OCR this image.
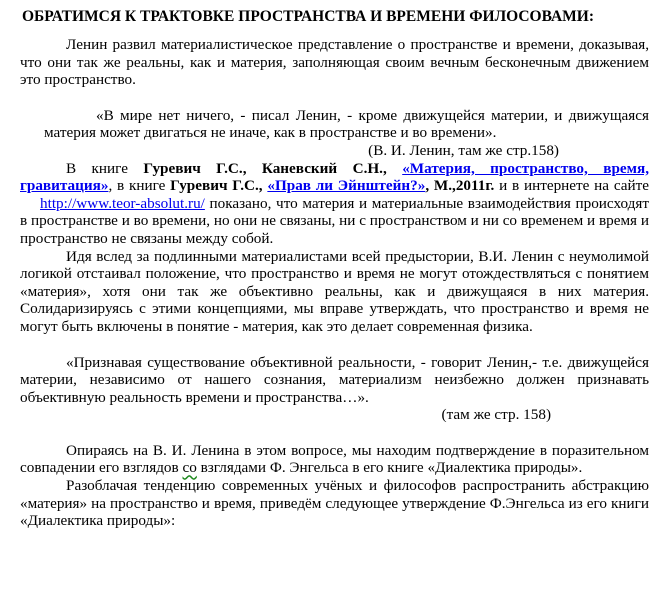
ОБРАТИМСЯ К ТРАКТОВКЕ ПРОСТРАНСТВА И ВРЕМЕНИ ФИЛОСОВАМИ:

Ленин развил материалистическое представление о пространстве и времени, доказывая, что они так же реальны, как и материя, заполняющая своим вечным бесконечным движением это пространство.

«В мире нет ничего, - писал Ленин, - кроме движущейся материи, и движущаяся материя может двигаться не иначе, как в пространстве и во времени».

(В. И. Ленин, там же стр.158)

В книге Гуревич Г.С., Каневский С.Н., «Материя, пространство, время, гравитация», в книге Гуревич Г.С., «Прав ли Эйнштейн?», М.,2011г. и в интернете на сайте http://www.teor-absolut.ru/ показано, что материя и материальные взаимодействия происходят в пространстве и во времени, но они не связаны, ни с пространством и ни со временем и время и пространство не связаны между собой.

Идя вслед за подлинными материалистами всей предыстории, В.И. Ленин с неумолимой логикой отстаивал положение, что пространство и время не могут отождествляться с понятием «материя», хотя они так же объективно реальны, как и движущаяся в них материя. Солидаризируясь с этими концепциями, мы вправе утверждать, что пространство и время не могут быть включены в понятие - материя, как это делает современная физика.

«Признавая существование объективной реальности, - говорит Ленин,- т.е. движущейся материи, независимо от нашего сознания, материализм неизбежно должен признавать объективную реальность времени и пространства…».

(там же стр. 158)

Опираясь на В. И. Ленина в этом вопросе, мы находим подтверждение в поразительном совпадении его взглядов со взглядами Ф. Энгельса в его книге «Диалектика природы».

Разоблачая тенденцию современных учёных и философов распространить абстракцию «материя» на пространство и время, приведём следующее утверждение Ф.Энгельса из его книги «Диалектика природы»:
